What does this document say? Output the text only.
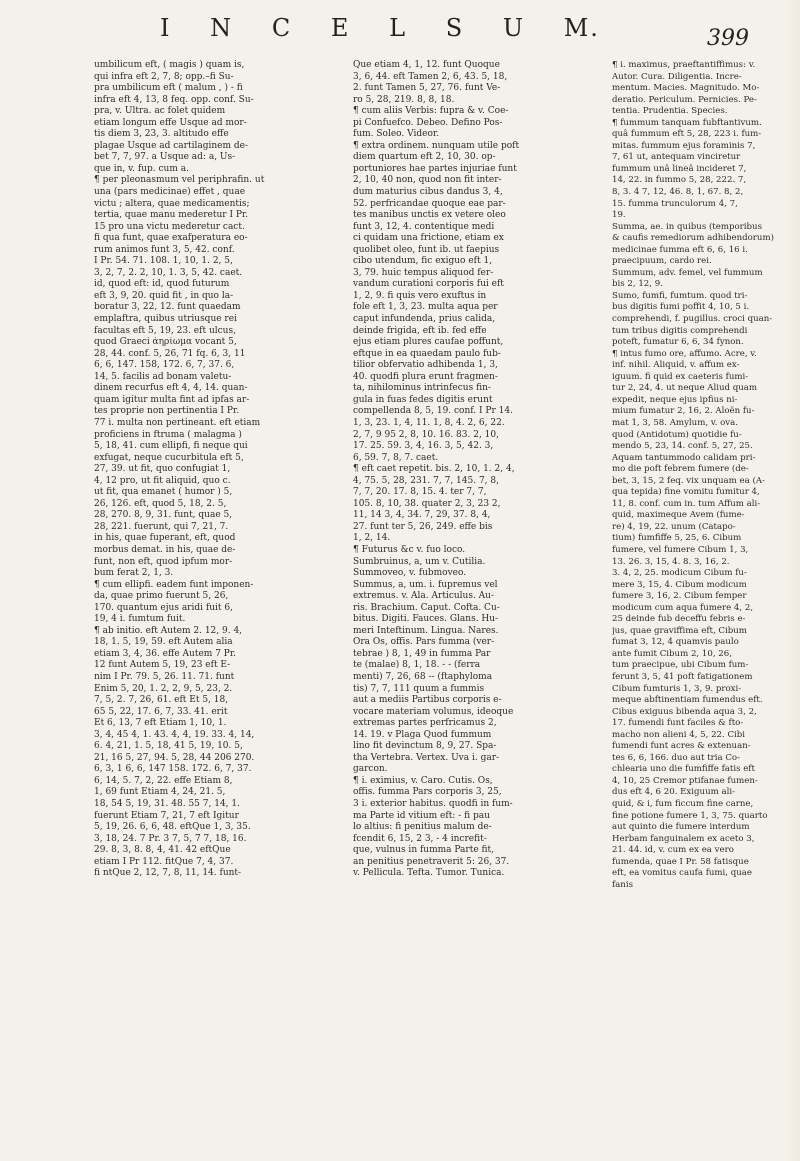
I N C E L S U M.	399
umbilicum eft, ( magis ) quam is,
qui infra eft 2, 7, 8; opp.–fi Su-
pra umbilicum eft ( malum , ) - fi
infra eft 4, 13, 8 feq. opp. conf. Su-
pra, v. Ultra. ac folet quidem
etiam longum effe Usque ad mor-
tis diem 3, 23, 3. altitudo effe
plagae Usque ad cartilaginem de-
bet 7, 7, 97. a Usque ad: a, Us-
que in, v. fup. cum a.
¶ per pleonasmum vel periphrafin. ut
una (pars medicinae) effet , quae
victu ; altera, quae medicamentis;
tertia, quae manu mederetur I Pr.
15 pro una victu mederetur cact.
fi qua funt, quae exafperatura eo-
rum animos funt 3, 5, 42. conf.
I Pr. 54. 71. 108. 1, 10, 1. 2, 5,
3, 2, 7, 2. 2, 10, 1. 3, 5, 42. caet.
id, quod eft: id, quod futurum
eft 3, 9, 20. quid fit , in quo la-
boratur 3, 22, 12. funt quaedam
emplaftra, quibus utriusque rei
facultas eft 5, 19, 23. eft ulcus,
quod Graeci ἀηρίωμα vocant 5,
28, 44. conf. 5, 26, 71 fq. 6, 3, 11
6, 6, 147. 158, 172. 6, 7, 37. 6,
14, 5. facilis ad bonam valetu-
dinem recurfus eft 4, 4, 14. quan-
quam igitur multa fint ad ipfas ar-
tes proprie non pertinentia I Pr.
77 i. multa non pertineant. eft etiam
proficiens in ftruma ( malagma )
5, 18, 41. cum ellipfi, fi neque qui
exfugat, neque cucurbitula eft 5,
27, 39. ut fit, quo confugiat 1,
4, 12 pro, ut fit aliquid, quo c.
ut fit, qua emanet ( humor ) 5,
26, 126. eft, quod 5, 18, 2. 5,
28, 270. 8, 9, 31. funt, quae 5,
28, 221. fuerunt, qui 7, 21, 7.
in his, quae fuperant, eft, quod
morbus demat. in his, quae de-
funt, non eft, quod ipfum mor-
bum ferat 2, 1, 3.
¶ cum ellipfi. eadem funt imponen-
da, quae primo fuerunt 5, 26,
170. quantum ejus aridi fuit 6,
19, 4 i. fumtum fuit.
¶ ab initio. eft Autem 2. 12, 9. 4,
18, 1. 5, 19, 59. eft Autem alia
etiam 3, 4, 36. effe Autem 7 Pr.
12 funt Autem 5, 19, 23 eft E-
nim I Pr. 79. 5, 26. 11. 71. funt
Enim 5, 20, 1. 2, 2, 9, 5, 23, 2.
7, 5, 2. 7, 26, 61. eft Et 5, 18,
65 5, 22, 17. 6, 7, 33. 41. erit
Et 6, 13, 7 eft Etiam 1, 10, 1.
3, 4, 45 4, 1. 43. 4, 4, 19. 33. 4, 14,
6. 4, 21, 1. 5, 18, 41 5, 19, 10. 5,
21, 16 5, 27, 94. 5, 28, 44 206 270.
6, 3, 1 6, 6, 147 158. 172. 6, 7, 37.
6, 14, 5. 7, 2, 22. effe Etiam 8,
1, 69 funt Etiam 4, 24, 21. 5,
18, 54 5, 19, 31. 48. 55 7, 14, 1.
fuerunt Etiam 7, 21, 7 eft Igitur
5, 19, 26. 6, 6, 48. eftQue 1, 3, 35.
3, 18, 24. 7 Pr. 3 7, 5, 7 7, 18, 16.
29. 8, 3, 8. 8, 4, 41. 42 eftQue
etiam I Pr 112. fitQue 7, 4, 37.
fi ntQue 2, 12, 7, 8, 11, 14. funt-
Que etiam 4, 1, 12. funt Quoque
3, 6, 44. eft Tamen 2, 6, 43. 5, 18,
2. funt Tamen 5, 27, 76. funt Ve-
ro 5, 28, 219. 8, 8, 18.
¶ cum aliis Verbis: fupra & v. Coe-
pi Confuefco. Debeo. Defino Pos-
fum. Soleo. Videor.
¶ extra ordinem. nunquam utile poft
diem quartum eft 2, 10, 30. op-
portuniores hae partes injuriae funt
2, 10, 40 non, quod non fit inter-
dum maturius cibus dandus 3, 4,
52. perfricandae quoque eae par-
tes manibus unctis ex vetere oleo
funt 3, 12, 4. contentique medi
ci quidam una frictione, etiam ex
quolibet oleo, funt ib. ut faepius
cibo utendum, fic exiguo eft 1,
3, 79. huic tempus aliquod fer-
vandum curationi corporis fui eft
1, 2, 9. fi quis vero exuftus in
fole eft 1, 3, 23. multa aqua per
caput infundenda, prius calida,
deinde frigida, eft ib. fed effe
ejus etiam plures caufae poffunt,
eftque in ea quaedam paulo fub-
tilior obfervatio adhibenda 1, 3,
40. quodfi plura erunt fragmen-
ta, nihilominus intrinfecus fin-
gula in fuas fedes digitis erunt
compellenda 8, 5, 19. conf. I Pr 14.
1, 3, 23. 1, 4, 11. 1, 8, 4. 2, 6, 22.
2, 7, 9 95 2, 8, 10. 16. 83. 2, 10,
17. 25. 59. 3, 4, 16. 3, 5, 42. 3,
6, 59. 7, 8, 7. caet.
¶ eft caet repetit. bis. 2, 10, 1. 2, 4,
4, 75. 5, 28, 231. 7, 7, 145. 7, 8,
7, 7, 20. 17. 8, 15. 4. ter 7, 7,
105. 8, 10, 38. quater 2, 3, 23 2,
11, 14 3, 4, 34. 7, 29, 37. 8, 4,
27. funt ter 5, 26, 249. effe bis
1, 2, 14.
¶ Futurus &c v. fuo loco.
Sumbruinus, a, um v. Cutilia.
Summoveo, v. fubmoveo.
Summus, a, um. i. fupremus vel
extremus. v. Ala. Articulus. Au-
ris. Brachium. Caput. Cofta. Cu-
bitus. Digiti. Fauces. Glans. Hu-
meri Inteftinum. Lingua. Nares.
Ora Os, offis. Pars fumma (ver-
tebrae ) 8, 1, 49 in fumma Par
te (malae) 8, 1, 18. - - (ferra
menti) 7, 26, 68 -- (ftaphyloma
tis) 7, 7, 111 quum a fummis
aut a mediis Partibus corporis e-
vocare materiam volumus, ideoque
extremas partes perfricamus 2,
14. 19. v Plaga Quod fummum
lino fit devinctum 8, 9, 27. Spa-
tha Vertebra. Vertex. Uva i. gar-
garcon.
¶ i. eximius, v. Caro. Cutis. Os,
offis. fumma Pars corporis 3, 25,
3 i. exterior habitus. quodfi in fum-
ma Parte id vitium eft: - fi pau
lo altius: fi penitius malum de-
fcendit 6, 15, 2 3, - 4 increfit-
que, vulnus in fumma Parte fit,
an penitius penetraverit 5: 26, 37.
v. Pellicula. Tefta. Tumor. Tunica.
¶ i. maximus, praeftantiffimus: v.
Autor. Cura. Diligentia. Incre-
mentum. Macies. Magnitudo. Mo-
deratio. Periculum. Pernicies. Pe-
tentia. Prudentia. Species.
¶ fummum tanquam fubftantivum.
quâ fummum eft 5, 28, 223 i. fum-
mitas. fummum ejus foraminis 7,
7, 61 ut, antequam vinciretur
fummum unâ lineâ incideret 7,
14, 22. in fummo 5, 28, 222. 7,
8, 3. 4 7, 12, 46. 8, 1, 67. 8, 2,
15. fumma trunculorum 4, 7,
19.
Summa, ae. in quibus (temporibus
& caufis remediorum adhibendorum)
medicinae fumma eft 6, 6, 16 i.
praecipuum, cardo rei.
Summum, adv. femel, vel fummum
bis 2, 12, 9.
Sumo, fumfi, fumtum. quod tri-
bus digitis fumi poffit 4, 10, 5 i.
comprehendi, f. pugillus. croci quan-
tum tribus digitis comprehendi
poteft, fumatur 6, 6, 34 fynon.
¶ intus fumo ore, affumo. Acre, v.
inf. nihil. Aliquid, v. affum ex-
iguum. fi quid ex caeteris fumi-
tur 2, 24, 4. ut neque Aliud quam
expedit, neque ejus ipfius ni-
mium fumatur 2, 16, 2. Aloën fu-
mat 1, 3, 58. Amylum, v. ova.
quod (Antidotum) quotidie fu-
mendo 5, 23, 14. conf. 5, 27, 25.
Aquam tantummodo calidam pri-
mo die poft febrem fumere (de-
bet, 3, 15, 2 feq. vix unquam ea (A-
qua tepida) fine vomitu fumitur 4,
11, 8. conf. cum in. tum Affum ali-
quid, maximeque Avem (fume-
re) 4, 19, 22. unum (Catapo-
tium) fumfiffe 5, 25, 6. Cibum
fumere, vel fumere Cibum 1, 3,
13. 26. 3, 15, 4. 8. 3, 16, 2.
3. 4, 2, 25. modicum Cibum fu-
mere 3, 15, 4. Cibum modicum
fumere 3, 16, 2. Cibum femper
modicum cum aqua fumere 4, 2,
25 deinde fub deceffu febris e-
jus, quae graviffima eft, Cibum
fumat 3, 12, 4 quamvis paulo
ante fumit Cibum 2, 10, 26,
tum praecipue, ubi Cibum fum-
ferunt 3, 5, 41 poft fatigationem
Cibum fumturis 1, 3, 9. proxi-
meque abftinentiam fumendus eft.
Cibus exiguus bibenda aqua 3, 2,
17. fumendi funt faciles & fto-
macho non alieni 4, 5, 22. Cibi
fumendi funt acres & extenuan-
tes 6, 6, 166. duo aut tria Co-
chlearia uno die fumfiffe fatis eft
4, 10, 25 Cremor ptifanae fumen-
dus eft 4, 6 20. Exiguum ali-
quid, & i, fum ficcum fine carne,
fine potione fumere 1, 3, 75. quarto
aut quinto die fumere interdum
Herbam fanguinalem ex aceto 3,
21. 44. id, v. cum ex ea vero
fumenda, quae I Pr. 58 fatisque
eft, ea vomitus caufa fumi, quae
fanis
